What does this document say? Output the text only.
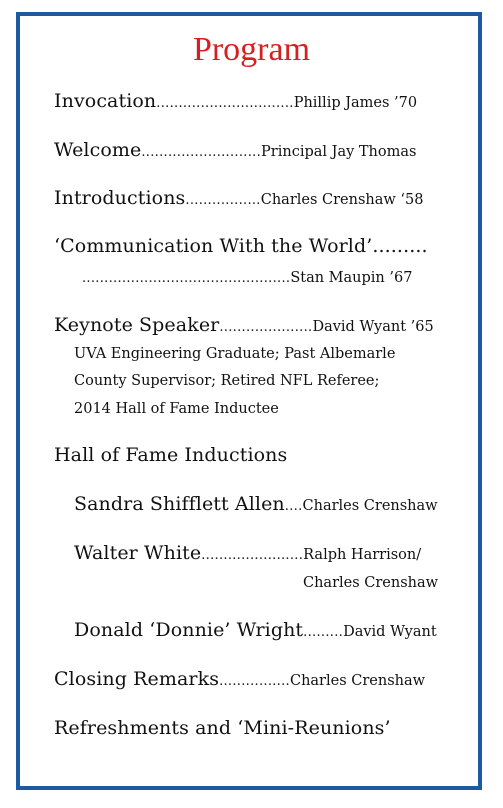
Program
Invocation...............................Phillip James ’70
Welcome...........................Principal Jay Thomas
Introductions.................Charles Crenshaw ‘58
‘Communication With the World’.........
...............................................Stan Maupin ’67
Keynote Speaker.....................David Wyant ’65
UVA Engineering Graduate; Past Albemarle
County Supervisor; Retired NFL Referee;
2014 Hall of Fame Inductee
Hall of Fame Inductions
Sandra Shifflett Allen....Charles Crenshaw
Walter White.......................Ralph Harrison/
Charles Crenshaw
Donald ‘Donnie’ Wright.........David Wyant
Closing Remarks................Charles Crenshaw
Refreshments and ‘Mini-Reunions’
